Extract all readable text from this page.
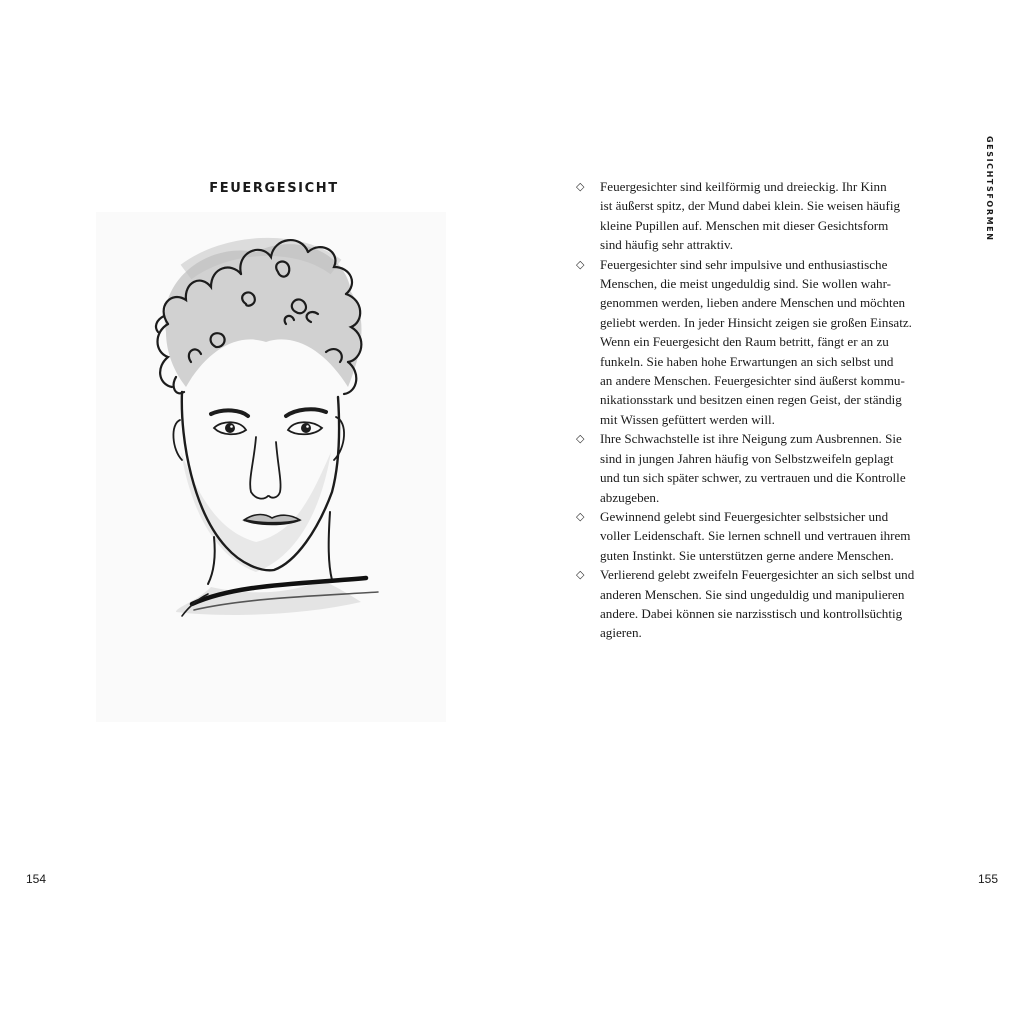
FEUERGESICHT
154	155
GESICHTSFORMEN
◇ Feuergesichter sind keilförmig und dreieckig. Ihr Kinn
ist äußerst spitz, der Mund dabei klein. Sie weisen häufig
kleine Pupillen auf. Menschen mit dieser Gesichtsform
sind häufig sehr attraktiv.
◇ Feuergesichter sind sehr impulsive und enthusiastische
Menschen, die meist ungeduldig sind. Sie wollen wahr-
genommen werden, lieben andere Menschen und möchten
geliebt werden. In jeder Hinsicht zeigen sie großen Einsatz.
Wenn ein Feuergesicht den Raum betritt, fängt er an zu
funkeln. Sie haben hohe Erwartungen an sich selbst und
an andere Menschen. Feuergesichter sind äußerst kommu-
nikationsstark und besitzen einen regen Geist, der ständig
mit Wissen gefüttert werden will.
◇ Ihre Schwachstelle ist ihre Neigung zum Ausbrennen. Sie
sind in jungen Jahren häufig von Selbstzweifeln geplagt
und tun sich später schwer, zu vertrauen und die Kontrolle
abzugeben.
◇ Gewinnend gelebt sind Feuergesichter selbstsicher und
voller Leidenschaft. Sie lernen schnell und vertrauen ihrem
guten Instinkt. Sie unterstützen gerne andere Menschen.
◇ Verlierend gelebt zweifeln Feuergesichter an sich selbst und
anderen Menschen. Sie sind ungeduldig und manipulieren
andere. Dabei können sie narzisstisch und kontrollsüchtig
agieren.
